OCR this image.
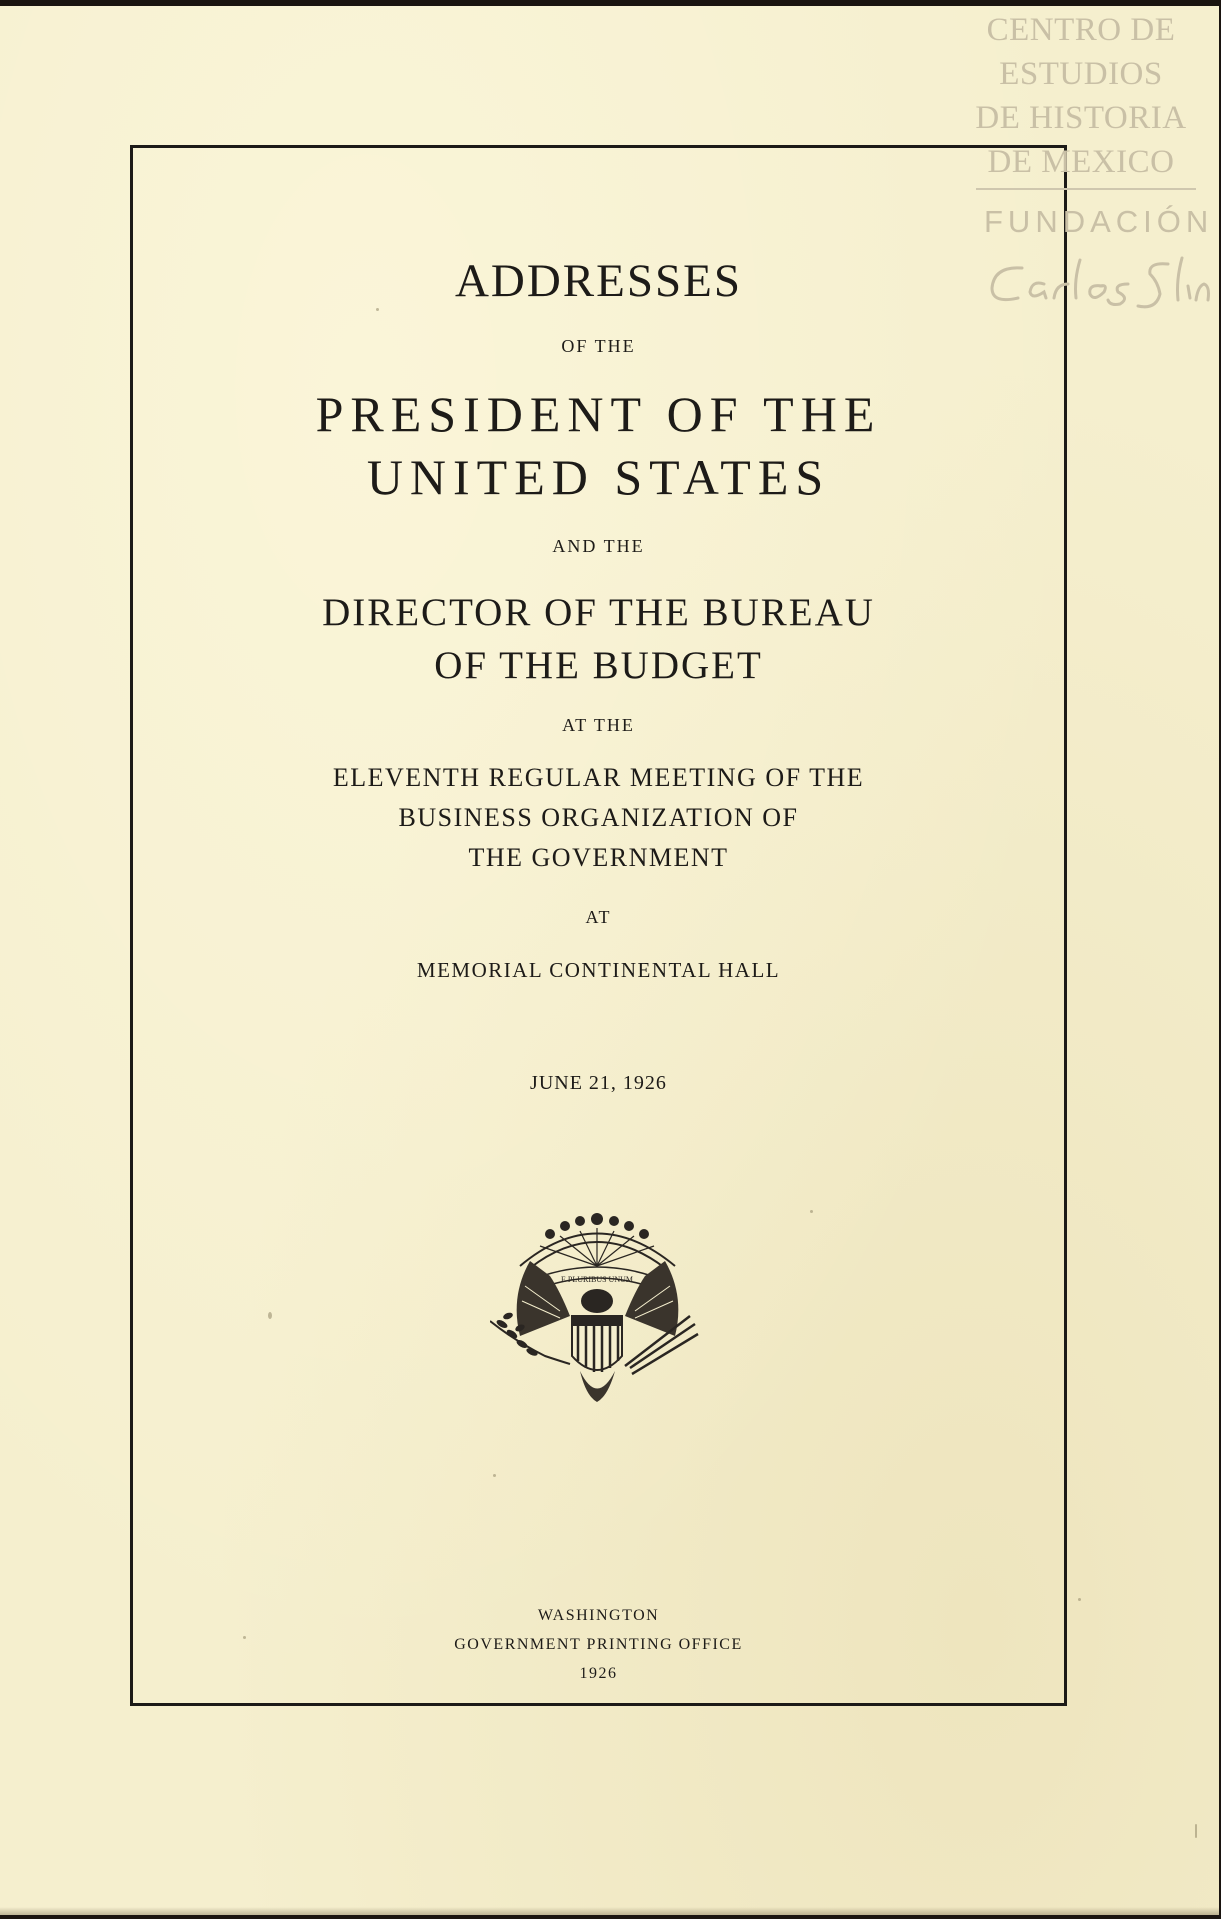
ADDRESSES
OF THE
PRESIDENT OF THE
UNITED STATES
AND THE
DIRECTOR OF THE BUREAU
OF THE BUDGET
AT THE
ELEVENTH REGULAR MEETING OF THE
BUSINESS ORGANIZATION OF
THE GOVERNMENT
AT
MEMORIAL CONTINENTAL HALL
JUNE 21, 1926
WASHINGTON
GOVERNMENT PRINTING OFFICE
1926
E PLURIBUS UNUM
CENTRO DE
ESTUDIOS
DE HISTORIA
DE MEXICO
FUNDACIÓN
